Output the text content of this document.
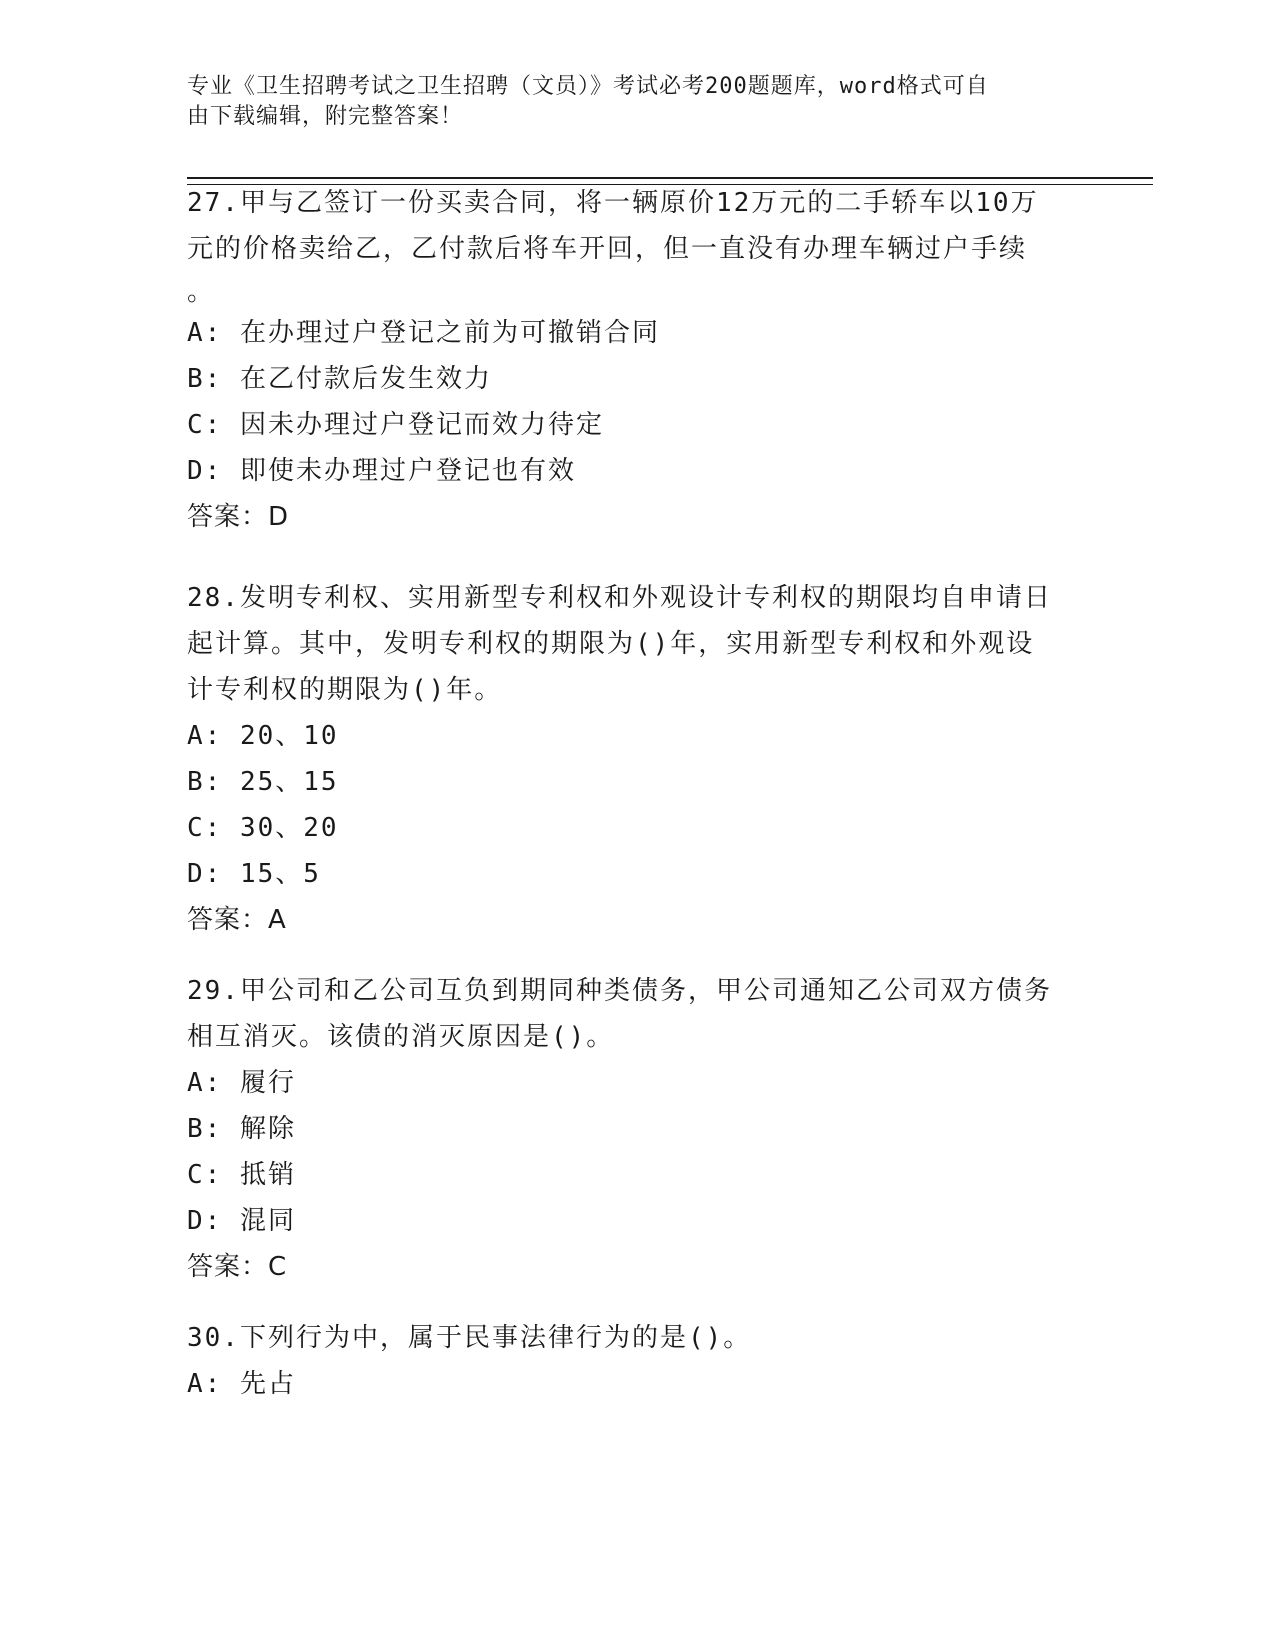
专业《卫生招聘考试之卫生招聘（文员）》考试必考200题题库，word格式可自
由下载编辑，附完整答案！

27.甲与乙签订一份买卖合同，将一辆原价12万元的二手轿车以10万

元的价格卖给乙，乙付款后将车开回，但一直没有办理车辆过户手续

。

A: 在办理过户登记之前为可撤销合同

B: 在乙付款后发生效力

C: 因未办理过户登记而效力待定

D: 即使未办理过户登记也有效

答案：D

28.发明专利权、实用新型专利权和外观设计专利权的期限均自申请日

起计算。其中，发明专利权的期限为()年，实用新型专利权和外观设

计专利权的期限为()年。

A: 20、10

B: 25、15

C: 30、20

D: 15、5

答案：A

29.甲公司和乙公司互负到期同种类债务，甲公司通知乙公司双方债务

相互消灭。该债的消灭原因是()。

A: 履行

B: 解除

C: 抵销

D: 混同

答案：C

30.下列行为中，属于民事法律行为的是()。

A: 先占
